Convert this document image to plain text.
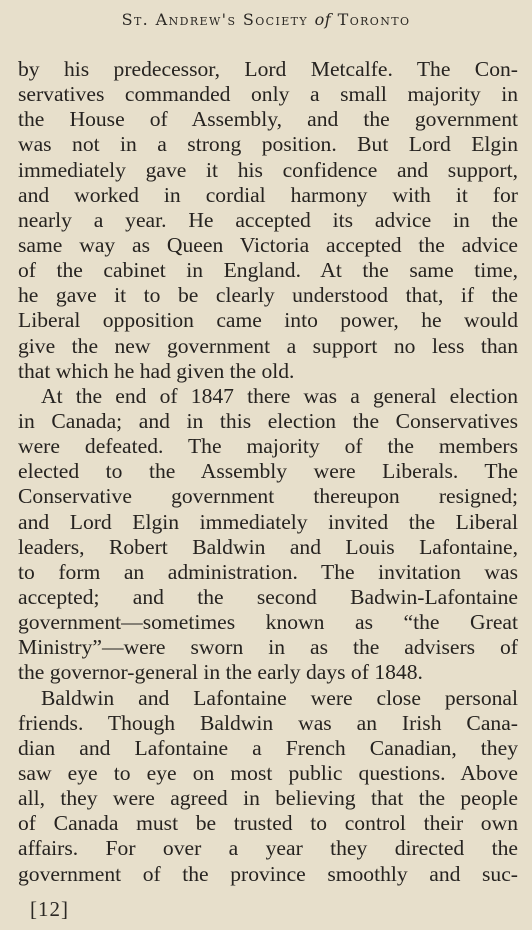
St. Andrew's Society of Toronto
by his predecessor, Lord Metcalfe. The Con-
servatives commanded only a small majority in
the House of Assembly, and the government
was not in a strong position. But Lord Elgin
immediately gave it his confidence and support,
and worked in cordial harmony with it for
nearly a year. He accepted its advice in the
same way as Queen Victoria accepted the advice
of the cabinet in England. At the same time,
he gave it to be clearly understood that, if the
Liberal opposition came into power, he would
give the new government a support no less than
that which he had given the old.
At the end of 1847 there was a general election
in Canada; and in this election the Conservatives
were defeated. The majority of the members
elected to the Assembly were Liberals. The
Conservative government thereupon resigned;
and Lord Elgin immediately invited the Liberal
leaders, Robert Baldwin and Louis Lafontaine,
to form an administration. The invitation was
accepted; and the second Badwin-Lafontaine
government—sometimes known as “the Great
Ministry”—were sworn in as the advisers of
the governor-general in the early days of 1848.
Baldwin and Lafontaine were close personal
friends. Though Baldwin was an Irish Cana-
dian and Lafontaine a French Canadian, they
saw eye to eye on most public questions. Above
all, they were agreed in believing that the people
of Canada must be trusted to control their own
affairs. For over a year they directed the
government of the province smoothly and suc-
[12]
